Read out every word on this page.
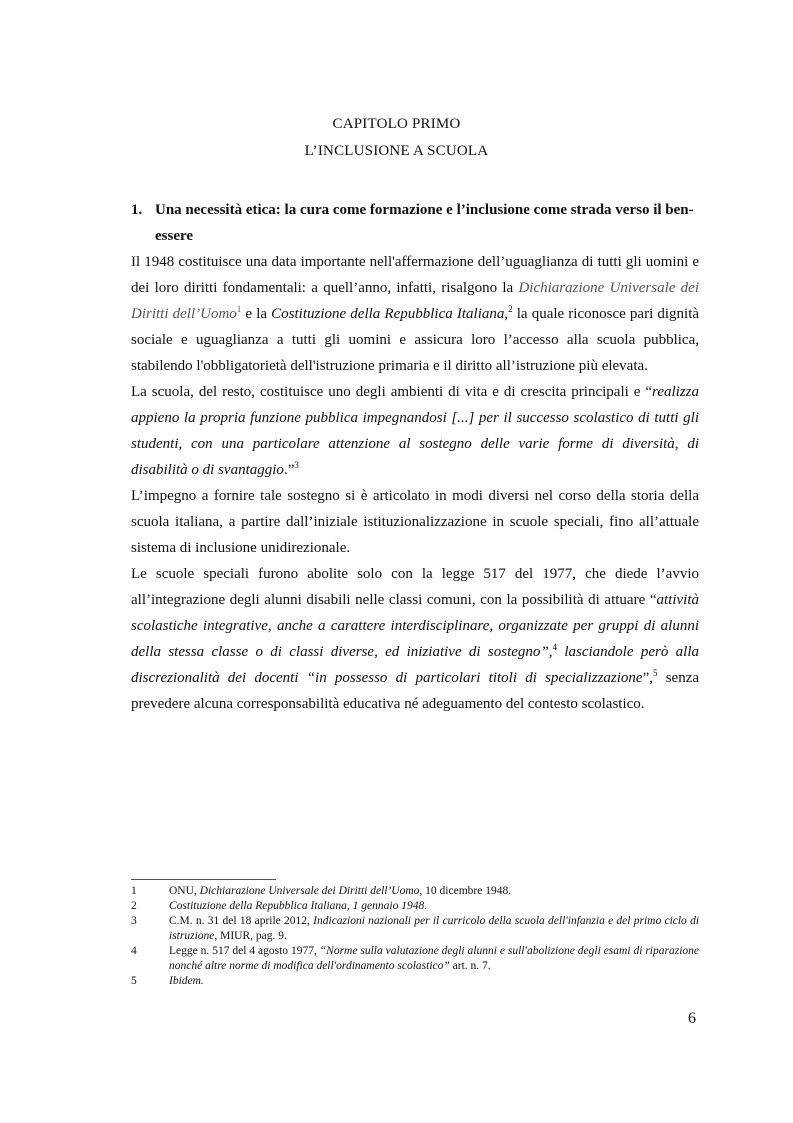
CAPITOLO PRIMO
L’INCLUSIONE A SCUOLA
1. Una necessità etica: la cura come formazione e l’inclusione come strada verso il ben-essere

Il 1948 costituisce una data importante nell'affermazione dell’uguaglianza di tutti gli uomini e dei loro diritti fondamentali: a quell’anno, infatti, risalgono la Dichiarazione Universale dei Diritti dell’Uomo$^1$ e la Costituzione della Repubblica Italiana,$^2$ la quale riconosce pari dignità sociale e uguaglianza a tutti gli uomini e assicura loro l’accesso alla scuola pubblica, stabilendo l'obbligatorietà dell'istruzione primaria e il diritto all’istruzione più elevata.

La scuola, del resto, costituisce uno degli ambienti di vita e di crescita principali e “realizza appieno la propria funzione pubblica impegnandosi [...] per il successo scolastico di tutti gli studenti, con una particolare attenzione al sostegno delle varie forme di diversità, di disabilità o di svantaggio.”$^3$

L’impegno a fornire tale sostegno si è articolato in modi diversi nel corso della storia della scuola italiana, a partire dall’iniziale istituzionalizzazione in scuole speciali, fino all’attuale sistema di inclusione unidirezionale.

Le scuole speciali furono abolite solo con la legge 517 del 1977, che diede l’avvio all’integrazione degli alunni disabili nelle classi comuni, con la possibilità di attuare “attività scolastiche integrative, anche a carattere interdisciplinare, organizzate per gruppi di alunni della stessa classe o di classi diverse, ed iniziative di sostegno”,$^4$ lasciandole però alla discrezionalità dei docenti “in possesso di particolari titoli di specializzazione”,$^5$ senza prevedere alcuna corresponsabilità educativa né adeguamento del contesto scolastico.

1	ONU, Dichiarazione Universale dei Diritti dell’Uomo, 10 dicembre 1948.

2	Costituzione della Repubblica Italiana, 1 gennaio 1948.

3	C.M. n. 31 del 18 aprile 2012, Indicazioni nazionali per il curricolo della scuola dell'infanzia e del primo ciclo di istruzione, MIUR, pag. 9.

4	Legge n. 517 del 4 agosto 1977, “Norme sulla valutazione degli alunni e sull'abolizione degli esami di riparazione nonché altre norme di modifica dell'ordinamento scolastico” art. n. 7.

5	Ibidem.

6
